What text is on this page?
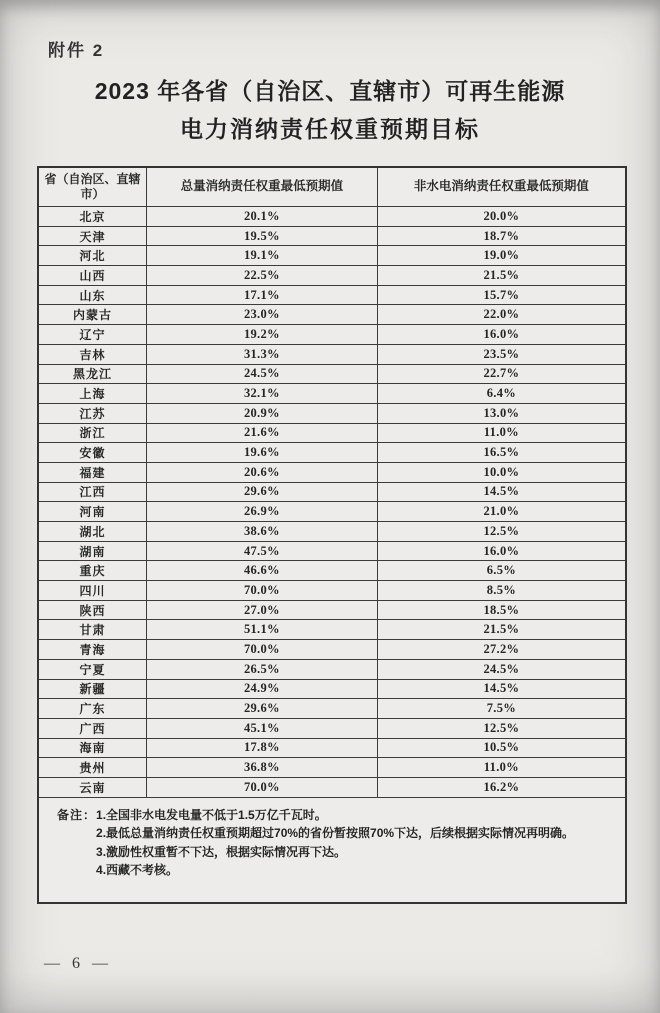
附件 2
2023 年各省（自治区、直辖市）可再生能源
电力消纳责任权重预期目标
省（自治区、直辖市）	总量消纳责任权重最低预期值	非水电消纳责任权重最低预期值
北京	20.1%	20.0%
天津	19.5%	18.7%
河北	19.1%	19.0%
山西	22.5%	21.5%
山东	17.1%	15.7%
内蒙古	23.0%	22.0%
辽宁	19.2%	16.0%
吉林	31.3%	23.5%
黑龙江	24.5%	22.7%
上海	32.1%	6.4%
江苏	20.9%	13.0%
浙江	21.6%	11.0%
安徽	19.6%	16.5%
福建	20.6%	10.0%
江西	29.6%	14.5%
河南	26.9%	21.0%
湖北	38.6%	12.5%
湖南	47.5%	16.0%
重庆	46.6%	6.5%
四川	70.0%	8.5%
陕西	27.0%	18.5%
甘肃	51.1%	21.5%
青海	70.0%	27.2%
宁夏	26.5%	24.5%
新疆	24.9%	14.5%
广东	29.6%	7.5%
广西	45.1%	12.5%
海南	17.8%	10.5%
贵州	36.8%	11.0%
云南	70.0%	16.2%

备注： 1.全国非水电发电量不低于1.5万亿千瓦时。
2.最低总量消纳责任权重预期超过70%的省份暂按照70%下达，后续根据实际情况再明确。
3.激励性权重暂不下达，根据实际情况再下达。
4.西藏不考核。
— 6 —
